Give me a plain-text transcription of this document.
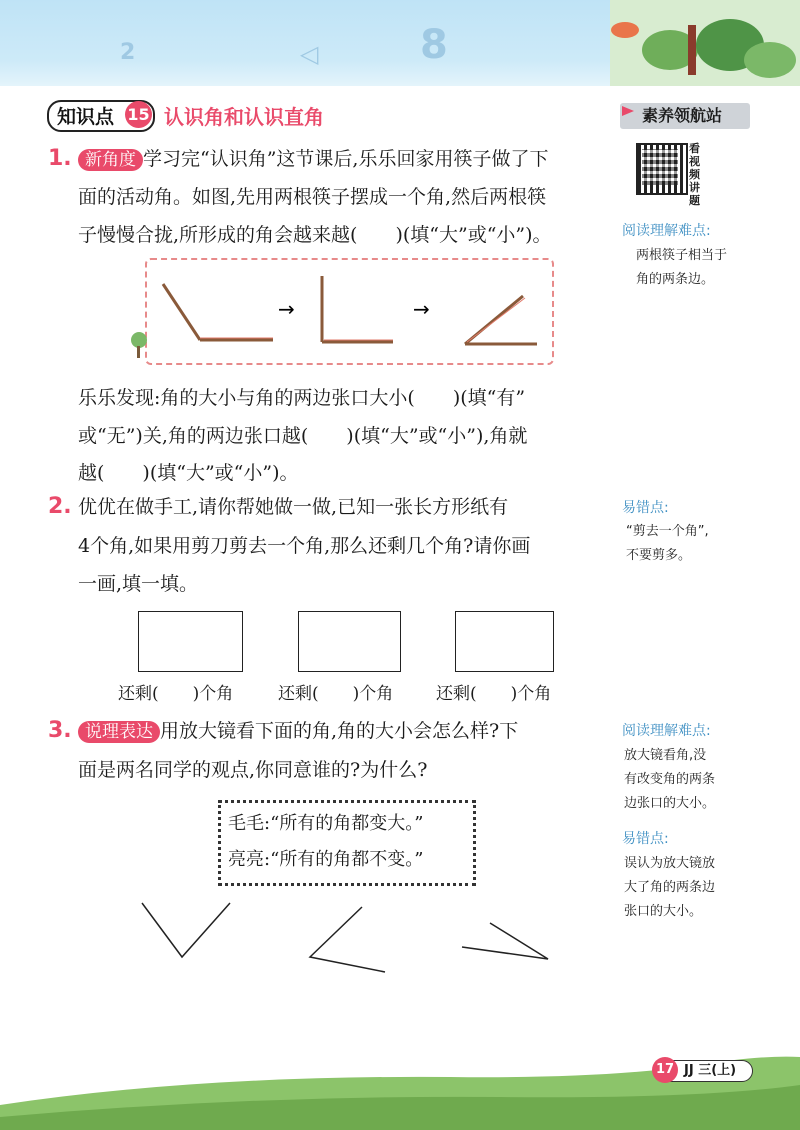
2	8
◁
知识点 15 认识角和认识直角	素养领航站
看视频讲题
阅读理解难点:
两根筷子相当于
角的两条边。
易错点:
“剪去一个角”,
不要剪多。
阅读理解难点:
放大镜看角,没
有改变角的两条
边张口的大小。
易错点:
误认为放大镜放
大了角的两条边
张口的大小。
1. 新角度 学习完“认识角”这节课后,乐乐回家用筷子做了下
面的活动角。如图,先用两根筷子摆成一个角,然后两根筷
子慢慢合拢,所形成的角会越来越(　　)(填“大”或“小”)。
→	→
乐乐发现:角的大小与角的两边张口大小(　　)(填“有”
或“无”)关,角的两边张口越(　　)(填“大”或“小”),角就
越(　　)(填“大”或“小”)。
2. 优优在做手工,请你帮她做一做,已知一张长方形纸有
4个角,如果用剪刀剪去一个角,那么还剩几个角?请你画
一画,填一填。
还剩(　　)个角	还剩(　　)个角	还剩(　　)个角
3. 说理表达 用放大镜看下面的角,角的大小会怎么样?下
面是两名同学的观点,你同意谁的?为什么?
毛毛:“所有的角都变大。”
亮亮:“所有的角都不变。”
JJ 三(上)
17
